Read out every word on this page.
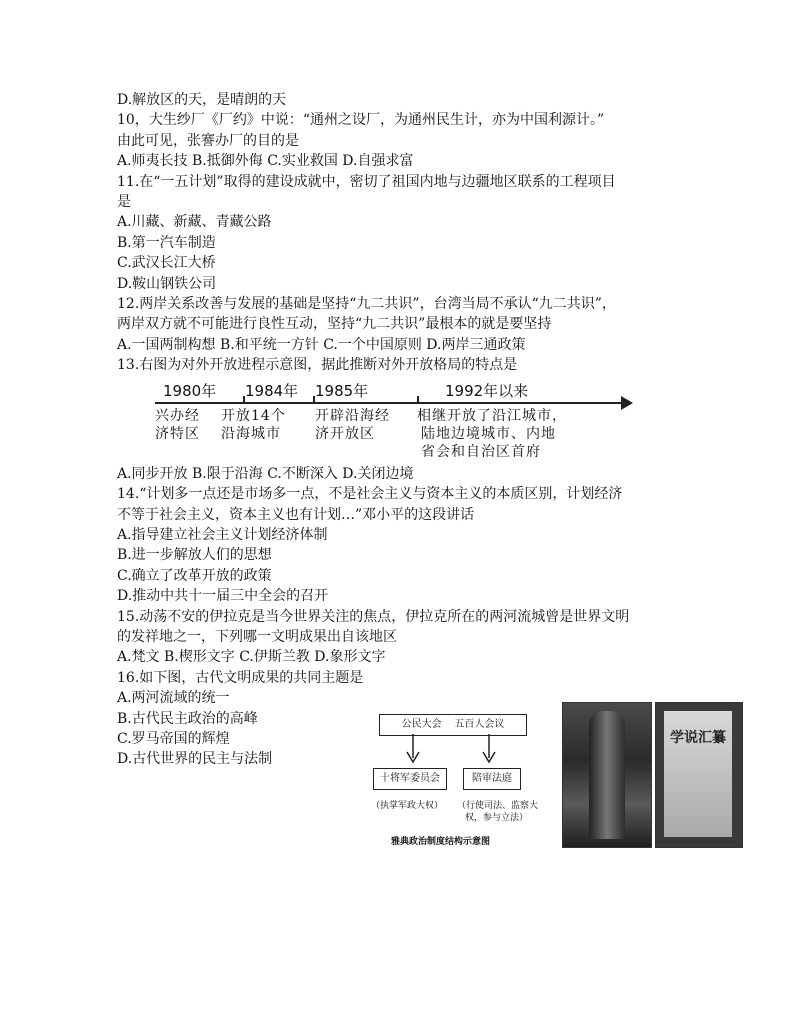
D.解放区的天，是晴朗的天
10，大生纱厂《厂约》中说：“通州之设厂，为通州民生计，亦为中国利源计。”
由此可见，张謇办厂的目的是
A.师夷长技 B.抵御外侮 C.实业救国 D.自强求富
11.在“一五计划”取得的建设成就中，密切了祖国内地与边疆地区联系的工程项目
是
A.川藏、新藏、青藏公路
B.第一汽车制造
C.武汉长江大桥
D.鞍山钢铁公司
12.两岸关系改善与发展的基础是坚持“九二共识”，台湾当局不承认“九二共识”，
两岸双方就不可能进行良性互动，坚持“九二共识”最根本的就是要坚持
A.一国两制构想 B.和平统一方针 C.一个中国原则 D.两岸三通政策
13.右图为对外开放进程示意图，据此推断对外开放格局的特点是
1980年 1984年 1985年	1992年以来
兴办经
济特区
开放14个
沿海城市
开辟沿海经
济开放区
相继开放了沿江城市，
陆地边境城市、内地
省会和自治区首府
A.同步开放 B.限于沿海 C.不断深入 D.关闭边境
14.“计划多一点还是市场多一点，不是社会主义与资本主义的本质区别，计划经济
不等于社会主义，资本主义也有计划…”邓小平的这段讲话
A.指导建立社会主义计划经济体制
B.进一步解放人们的思想
C.确立了改革开放的政策
D.推动中共十一届三中全会的召开
15.动荡不安的伊拉克是当今世界关注的焦点，伊拉克所在的两河流城曾是世界文明
的发祥地之一，下列哪一文明成果出自该地区
A.梵文 B.楔形文字 C.伊斯兰教 D.象形文字
16.如下图，古代文明成果的共同主题是
A.两河流域的统一
B.古代民主政治的高峰
C.罗马帝国的辉煌
D.古代世界的民主与法制
公民大会 五百人会议
十将军委员会	陪审法庭
（执掌军政大权） （行使司法、监察大
权，参与立法）
雅典政治制度结构示意图
学说汇纂
